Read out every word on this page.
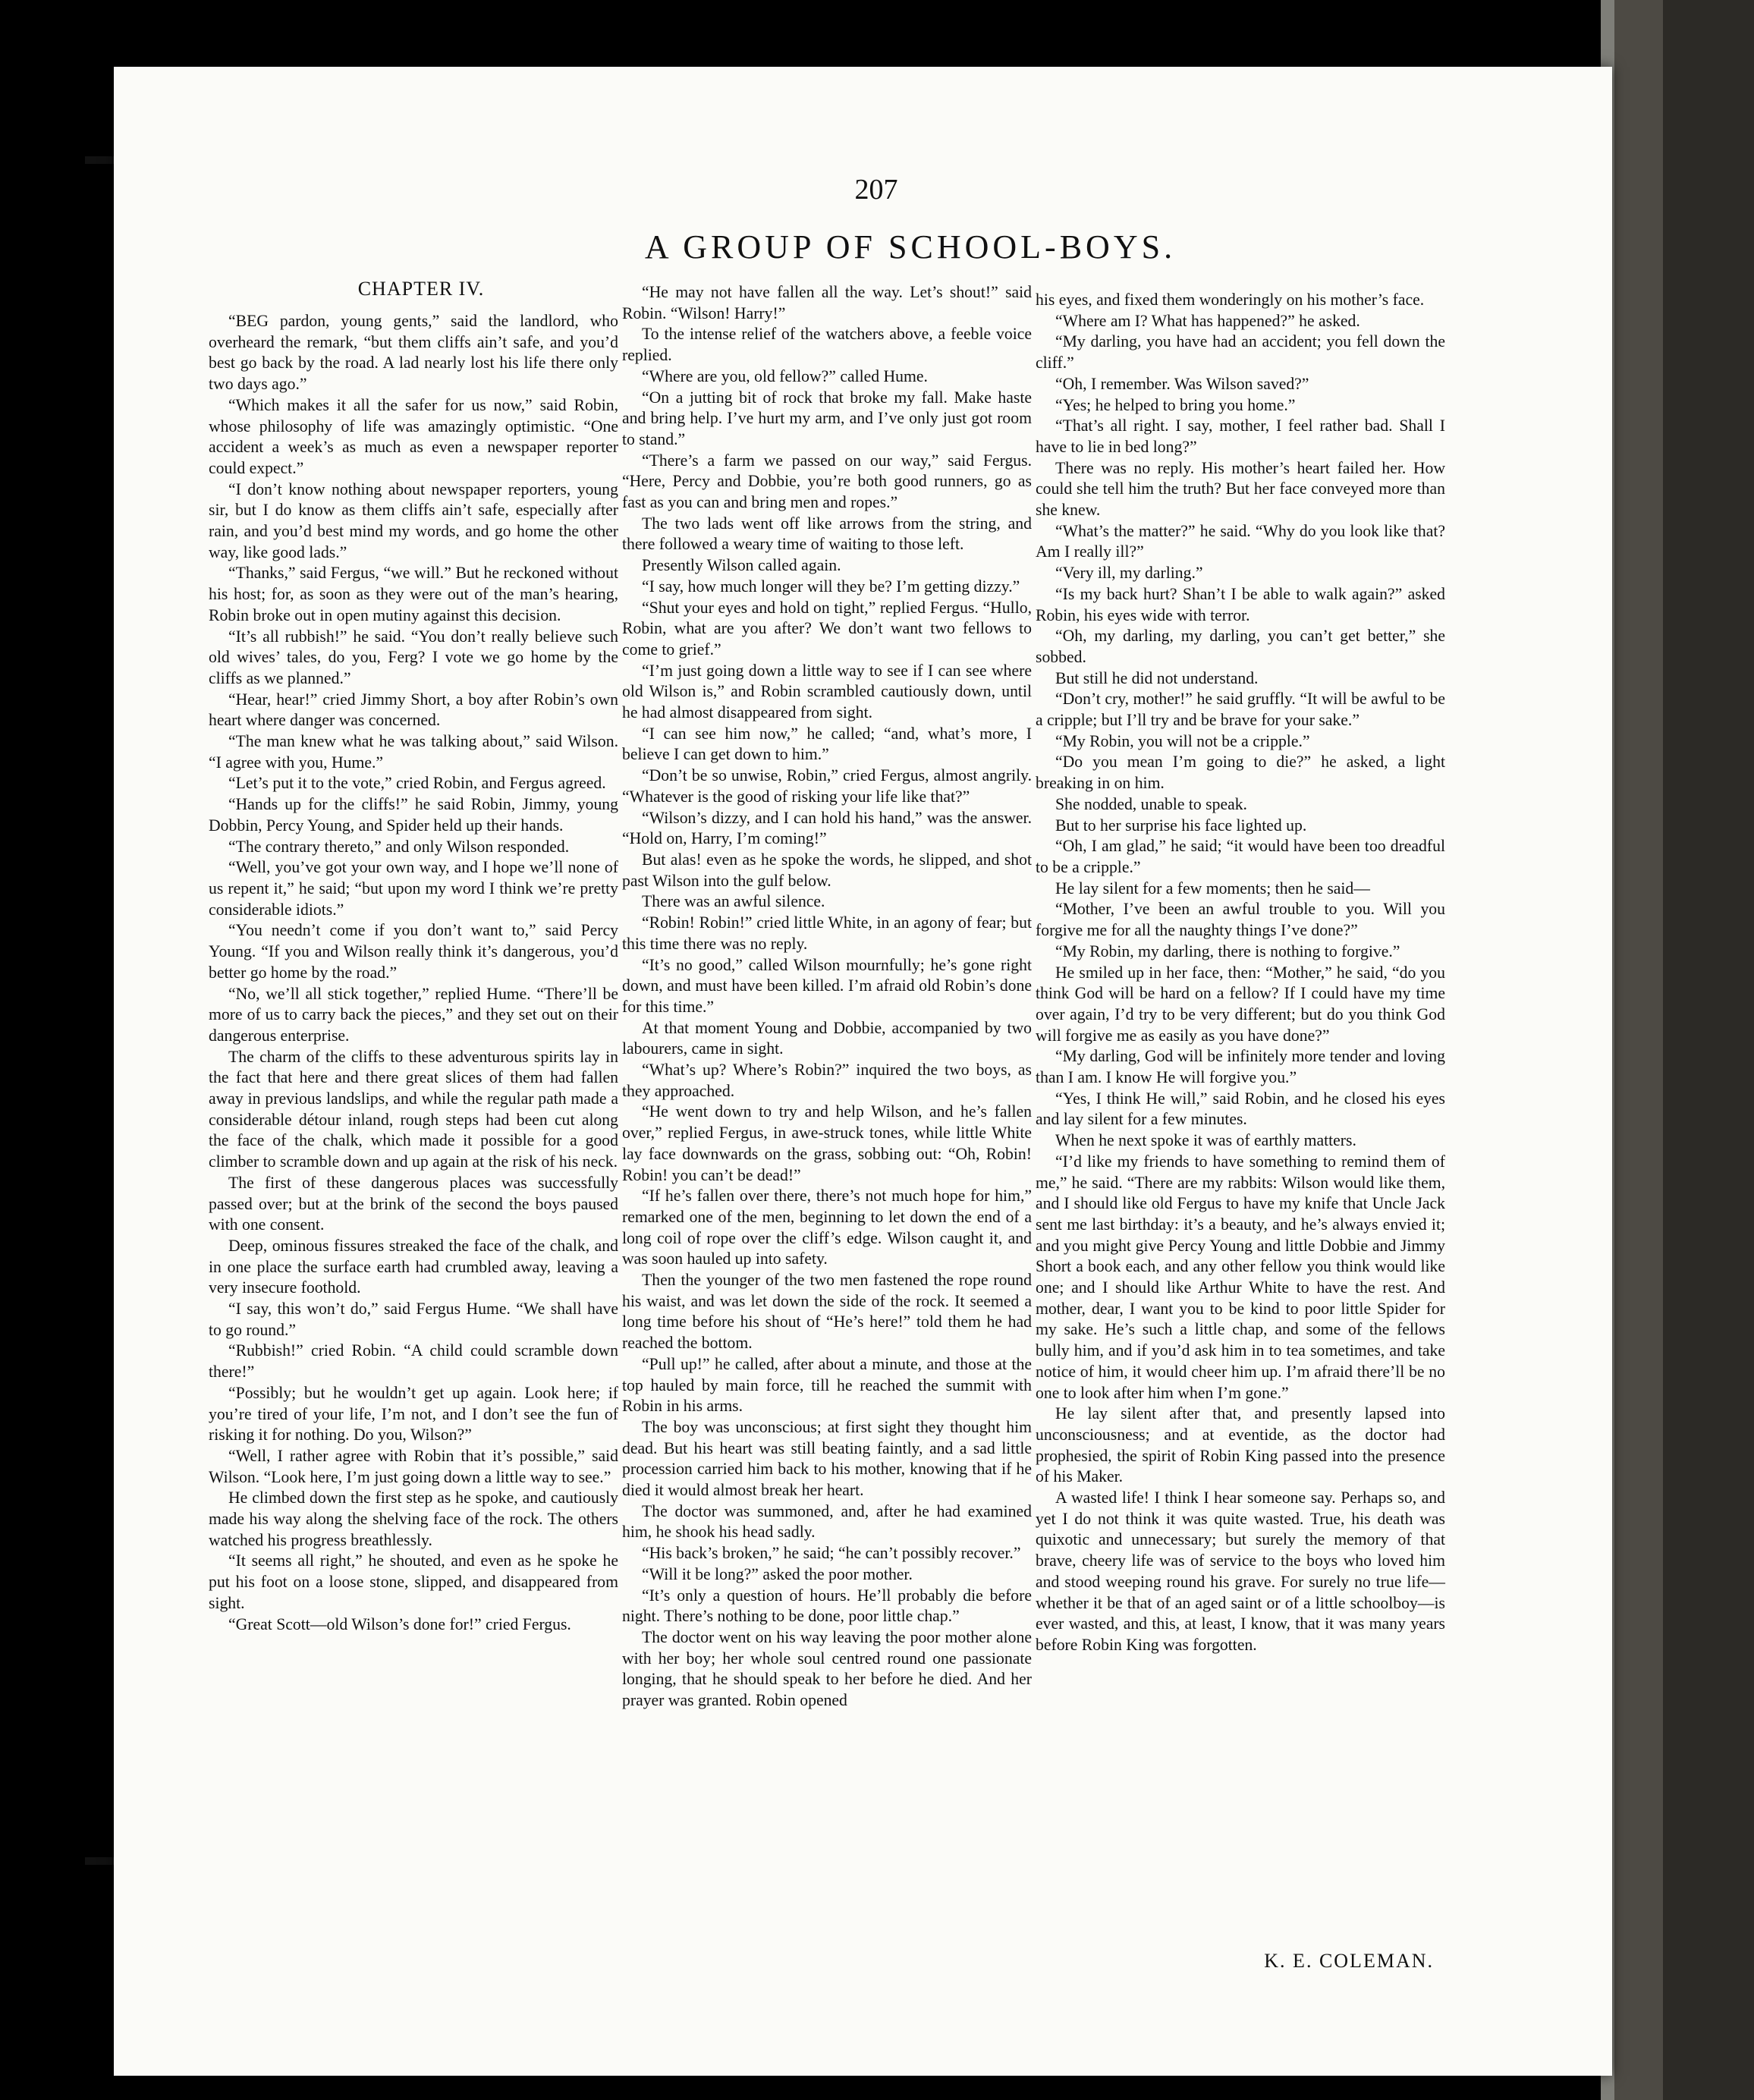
207
A GROUP OF SCHOOL-BOYS.
CHAPTER IV.

“BEG pardon, young gents,” said the landlord, who overheard the remark, “but them cliffs ain’t safe, and you’d best go back by the road. A lad nearly lost his life there only two days ago.”

“Which makes it all the safer for us now,” said Robin, whose philosophy of life was amazingly optimistic. “One accident a week’s as much as even a newspaper reporter could expect.”

“I don’t know nothing about newspaper reporters, young sir, but I do know as them cliffs ain’t safe, especially after rain, and you’d best mind my words, and go home the other way, like good lads.”

“Thanks,” said Fergus, “we will.” But he reckoned without his host; for, as soon as they were out of the man’s hearing, Robin broke out in open mutiny against this decision.

“It’s all rubbish!” he said. “You don’t really believe such old wives’ tales, do you, Ferg? I vote we go home by the cliffs as we planned.”

“Hear, hear!” cried Jimmy Short, a boy after Robin’s own heart where danger was concerned.

“The man knew what he was talking about,” said Wilson. “I agree with you, Hume.”

“Let’s put it to the vote,” cried Robin, and Fergus agreed.

“Hands up for the cliffs!” he said Robin, Jimmy, young Dobbin, Percy Young, and Spider held up their hands.

“The contrary thereto,” and only Wilson responded.

“Well, you’ve got your own way, and I hope we’ll none of us repent it,” he said; “but upon my word I think we’re pretty considerable idiots.”

“You needn’t come if you don’t want to,” said Percy Young. “If you and Wilson really think it’s dangerous, you’d better go home by the road.”

“No, we’ll all stick together,” replied Hume. “There’ll be more of us to carry back the pieces,” and they set out on their dangerous enterprise.

The charm of the cliffs to these adventurous spirits lay in the fact that here and there great slices of them had fallen away in previous landslips, and while the regular path made a considerable détour inland, rough steps had been cut along the face of the chalk, which made it possible for a good climber to scramble down and up again at the risk of his neck.

The first of these dangerous places was successfully passed over; but at the brink of the second the boys paused with one consent.

Deep, ominous fissures streaked the face of the chalk, and in one place the surface earth had crumbled away, leaving a very insecure foothold.

“I say, this won’t do,” said Fergus Hume. “We shall have to go round.”

“Rubbish!” cried Robin. “A child could scramble down there!”

“Possibly; but he wouldn’t get up again. Look here; if you’re tired of your life, I’m not, and I don’t see the fun of risking it for nothing. Do you, Wilson?”

“Well, I rather agree with Robin that it’s possible,” said Wilson. “Look here, I’m just going down a little way to see.”

He climbed down the first step as he spoke, and cautiously made his way along the shelving face of the rock. The others watched his progress breathlessly.

“It seems all right,” he shouted, and even as he spoke he put his foot on a loose stone, slipped, and disappeared from sight.

“Great Scott—old Wilson’s done for!” cried Fergus.

“He may not have fallen all the way. Let’s shout!” said Robin. “Wilson! Harry!”

To the intense relief of the watchers above, a feeble voice replied.

“Where are you, old fellow?” called Hume.

“On a jutting bit of rock that broke my fall. Make haste and bring help. I’ve hurt my arm, and I’ve only just got room to stand.”

“There’s a farm we passed on our way,” said Fergus. “Here, Percy and Dobbie, you’re both good runners, go as fast as you can and bring men and ropes.”

The two lads went off like arrows from the string, and there followed a weary time of waiting to those left.

Presently Wilson called again.

“I say, how much longer will they be? I’m getting dizzy.”

“Shut your eyes and hold on tight,” replied Fergus. “Hullo, Robin, what are you after? We don’t want two fellows to come to grief.”

“I’m just going down a little way to see if I can see where old Wilson is,” and Robin scrambled cautiously down, until he had almost disappeared from sight.

“I can see him now,” he called; “and, what’s more, I believe I can get down to him.”

“Don’t be so unwise, Robin,” cried Fergus, almost angrily. “Whatever is the good of risking your life like that?”

“Wilson’s dizzy, and I can hold his hand,” was the answer. “Hold on, Harry, I’m coming!”

But alas! even as he spoke the words, he slipped, and shot past Wilson into the gulf below.

There was an awful silence.

“Robin! Robin!” cried little White, in an agony of fear; but this time there was no reply.

“It’s no good,” called Wilson mournfully; he’s gone right down, and must have been killed. I’m afraid old Robin’s done for this time.”

At that moment Young and Dobbie, accompanied by two labourers, came in sight.

“What’s up? Where’s Robin?” inquired the two boys, as they approached.

“He went down to try and help Wilson, and he’s fallen over,” replied Fergus, in awe-struck tones, while little White lay face downwards on the grass, sobbing out: “Oh, Robin! Robin! you can’t be dead!”

“If he’s fallen over there, there’s not much hope for him,” remarked one of the men, beginning to let down the end of a long coil of rope over the cliff’s edge. Wilson caught it, and was soon hauled up into safety.

Then the younger of the two men fastened the rope round his waist, and was let down the side of the rock. It seemed a long time before his shout of “He’s here!” told them he had reached the bottom.

“Pull up!” he called, after about a minute, and those at the top hauled by main force, till he reached the summit with Robin in his arms.

The boy was unconscious; at first sight they thought him dead. But his heart was still beating faintly, and a sad little procession carried him back to his mother, knowing that if he died it would almost break her heart.

The doctor was summoned, and, after he had examined him, he shook his head sadly.

“His back’s broken,” he said; “he can’t possibly recover.”

“Will it be long?” asked the poor mother.

“It’s only a question of hours. He’ll probably die before night. There’s nothing to be done, poor little chap.”

The doctor went on his way leaving the poor mother alone with her boy; her whole soul centred round one passionate longing, that he should speak to her before he died. And her prayer was granted. Robin opened

his eyes, and fixed them wonderingly on his mother’s face.

“Where am I? What has happened?” he asked.

“My darling, you have had an accident; you fell down the cliff.”

“Oh, I remember. Was Wilson saved?”

“Yes; he helped to bring you home.”

“That’s all right. I say, mother, I feel rather bad. Shall I have to lie in bed long?”

There was no reply. His mother’s heart failed her. How could she tell him the truth? But her face conveyed more than she knew.

“What’s the matter?” he said. “Why do you look like that? Am I really ill?”

“Very ill, my darling.”

“Is my back hurt? Shan’t I be able to walk again?” asked Robin, his eyes wide with terror.

“Oh, my darling, my darling, you can’t get better,” she sobbed.

But still he did not understand.

“Don’t cry, mother!” he said gruffly. “It will be awful to be a cripple; but I’ll try and be brave for your sake.”

“My Robin, you will not be a cripple.”

“Do you mean I’m going to die?” he asked, a light breaking in on him.

She nodded, unable to speak.

But to her surprise his face lighted up.

“Oh, I am glad,” he said; “it would have been too dreadful to be a cripple.”

He lay silent for a few moments; then he said—

“Mother, I’ve been an awful trouble to you. Will you forgive me for all the naughty things I’ve done?”

“My Robin, my darling, there is nothing to forgive.”

He smiled up in her face, then: “Mother,” he said, “do you think God will be hard on a fellow? If I could have my time over again, I’d try to be very different; but do you think God will forgive me as easily as you have done?”

“My darling, God will be infinitely more tender and loving than I am. I know He will forgive you.”

“Yes, I think He will,” said Robin, and he closed his eyes and lay silent for a few minutes.

When he next spoke it was of earthly matters.

“I’d like my friends to have something to remind them of me,” he said. “There are my rabbits: Wilson would like them, and I should like old Fergus to have my knife that Uncle Jack sent me last birthday: it’s a beauty, and he’s always envied it; and you might give Percy Young and little Dobbie and Jimmy Short a book each, and any other fellow you think would like one; and I should like Arthur White to have the rest. And mother, dear, I want you to be kind to poor little Spider for my sake. He’s such a little chap, and some of the fellows bully him, and if you’d ask him in to tea sometimes, and take notice of him, it would cheer him up. I’m afraid there’ll be no one to look after him when I’m gone.”

He lay silent after that, and presently lapsed into unconsciousness; and at eventide, as the doctor had prophesied, the spirit of Robin King passed into the presence of his Maker.

A wasted life! I think I hear someone say. Perhaps so, and yet I do not think it was quite wasted. True, his death was quixotic and unnecessary; but surely the memory of that brave, cheery life was of service to the boys who loved him and stood weeping round his grave. For surely no true life—whether it be that of an aged saint or of a little schoolboy—is ever wasted, and this, at least, I know, that it was many years before Robin King was forgotten.

K. E. COLEMAN.
